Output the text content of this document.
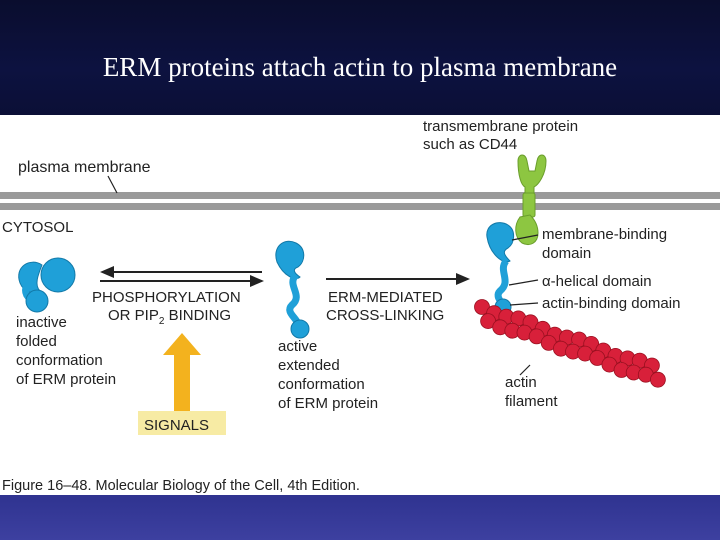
ERM proteins attach actin to plasma membrane
plasma membrane
CYTOSOL
transmembrane protein
such as CD44
inactive folded conformation of ERM protein
PHOSPHORYLATION
OR $PIP_2$ BINDING
SIGNALS
active extended conformation of ERM protein
ERM-MEDIATED
CROSS-LINKING
membrane-binding
domain
α-helical domain
actin-binding domain
actin
filament
Figure 16–48. Molecular Biology of the Cell, 4th Edition.
